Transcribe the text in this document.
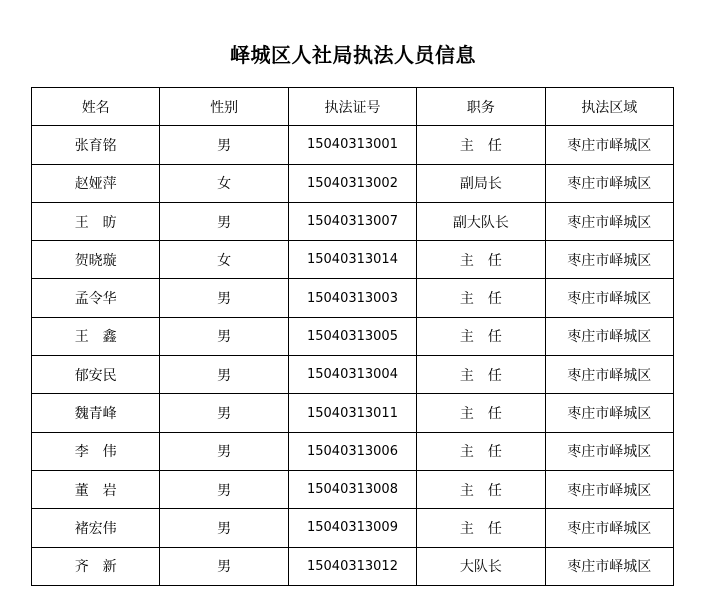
峄城区人社局执法人员信息
姓名	性别	执法证号	职务	执法区域
张育铭	男	15040313001	主　任	枣庄市峄城区
赵娅萍	女	15040313002	副局长	枣庄市峄城区
王　昉	男	15040313007	副大队长	枣庄市峄城区
贺晓璇	女	15040313014	主　任	枣庄市峄城区
孟令华	男	15040313003	主　任	枣庄市峄城区
王　鑫	男	15040313005	主　任	枣庄市峄城区
郁安民	男	15040313004	主　任	枣庄市峄城区
魏青峰	男	15040313011	主　任	枣庄市峄城区
李　伟	男	15040313006	主　任	枣庄市峄城区
董　岩	男	15040313008	主　任	枣庄市峄城区
褚宏伟	男	15040313009	主　任	枣庄市峄城区
齐　新	男	15040313012	大队长	枣庄市峄城区
